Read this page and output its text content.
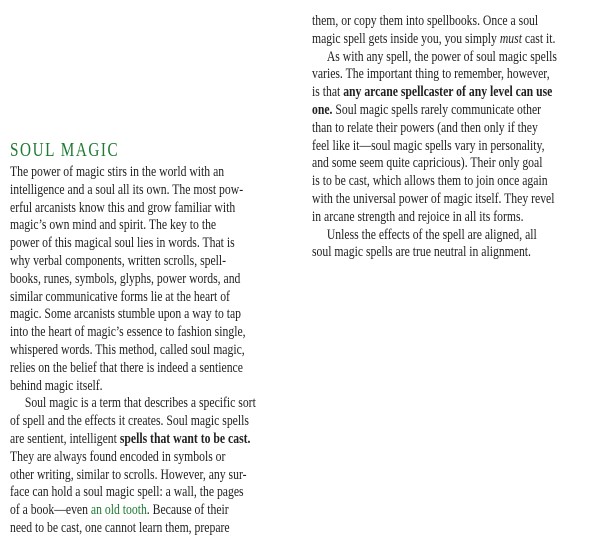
SOUL MAGIC
The power of magic stirs in the world with an
intelligence and a soul all its own. The most pow-
erful arcanists know this and grow familiar with
magic’s own mind and spirit. The key to the
power of this magical soul lies in words. That is
why verbal components, written scrolls, spell-
books, runes, symbols, glyphs, power words, and
similar communicative forms lie at the heart of
magic. Some arcanists stumble upon a way to tap
into the heart of magic’s essence to fashion single,
whispered words. This method, called soul magic,
relies on the belief that there is indeed a sentience
behind magic itself.
Soul magic is a term that describes a specific sort
of spell and the effects it creates. Soul magic spells
are sentient, intelligent spells that want to be cast.
They are always found encoded in symbols or
other writing, similar to scrolls. However, any sur-
face can hold a soul magic spell: a wall, the pages
of a book—even an old tooth. Because of their
need to be cast, one cannot learn them, prepare
them, or copy them into spellbooks. Once a soul
magic spell gets inside you, you simply must cast it.
As with any spell, the power of soul magic spells
varies. The important thing to remember, however,
is that any arcane spellcaster of any level can use
one. Soul magic spells rarely communicate other
than to relate their powers (and then only if they
feel like it—soul magic spells vary in personality,
and some seem quite capricious). Their only goal
is to be cast, which allows them to join once again
with the universal power of magic itself. They revel
in arcane strength and rejoice in all its forms.
Unless the effects of the spell are aligned, all
soul magic spells are true neutral in alignment.
